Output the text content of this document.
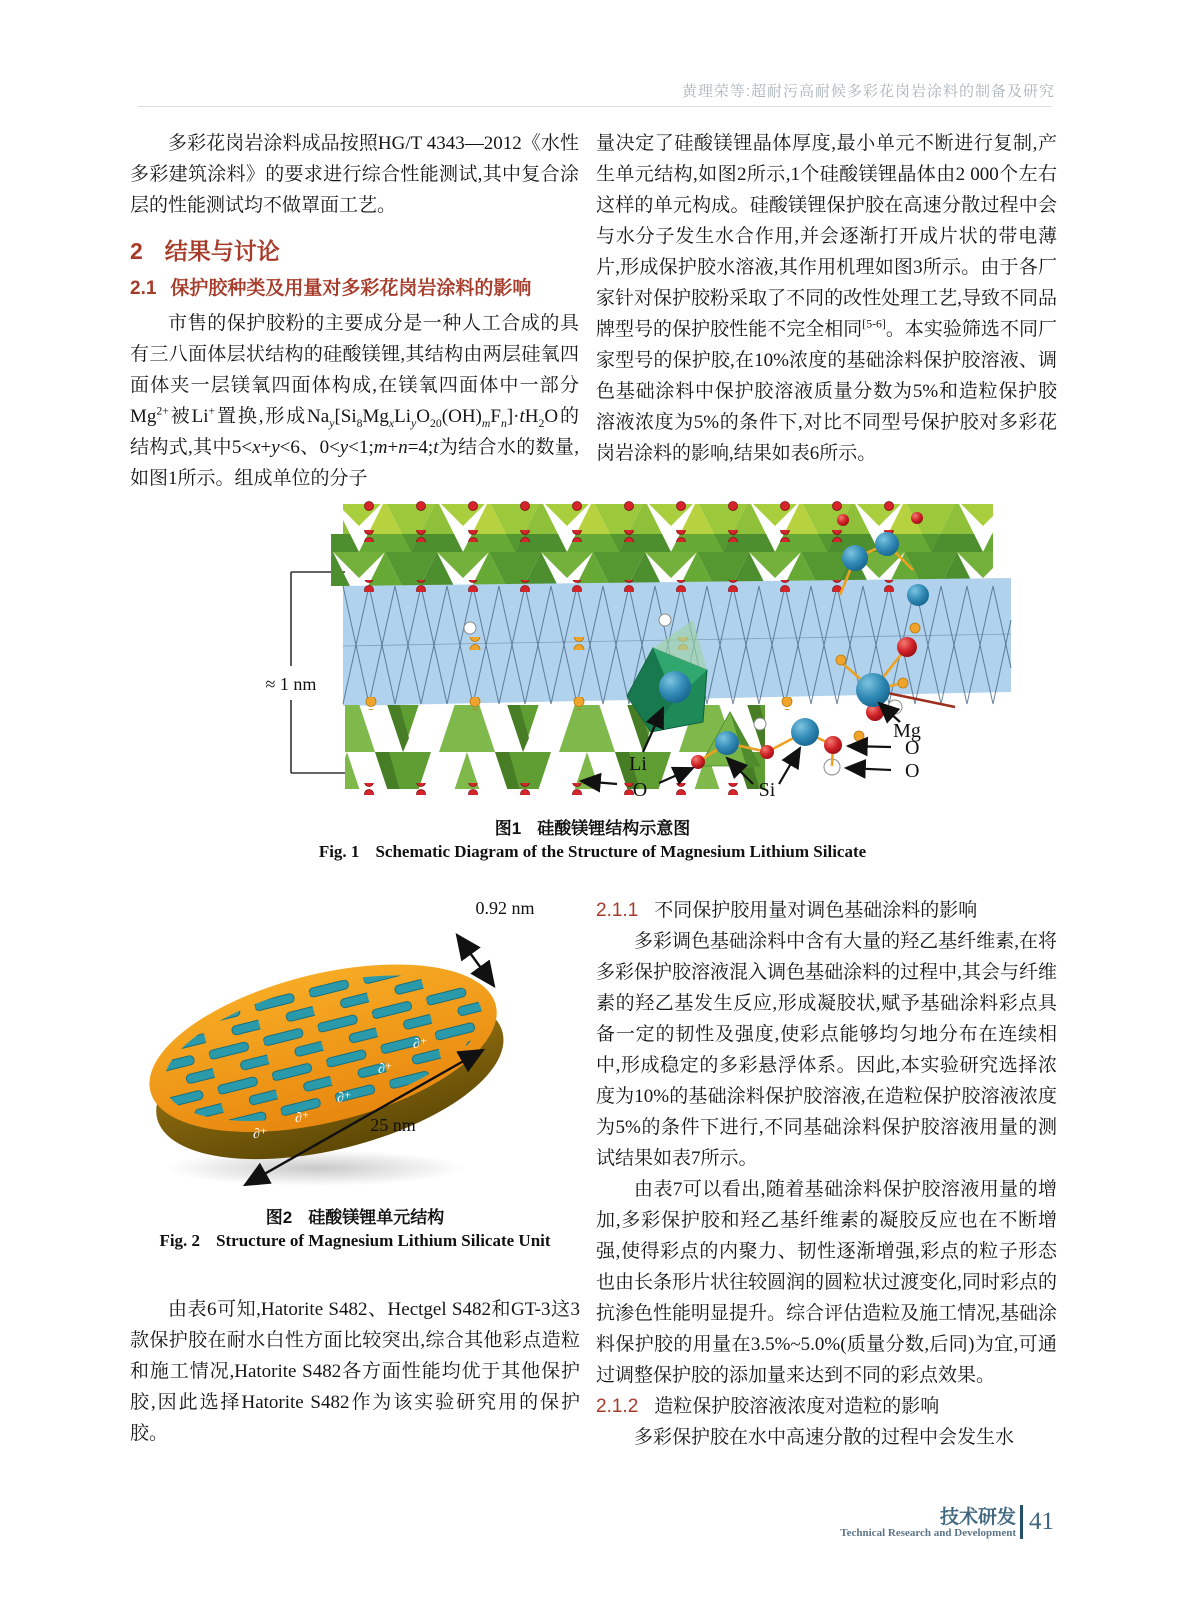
黄理荣等:超耐污高耐候多彩花岗岩涂料的制备及研究

多彩花岗岩涂料成品按照HG/T 4343—2012《水性多彩建筑涂料》的要求进行综合性能测试,其中复合涂层的性能测试均不做罩面工艺。

2 结果与讨论

2.1 保护胶种类及用量对多彩花岗岩涂料的影响

市售的保护胶粉的主要成分是一种人工合成的具有三八面体层状结构的硅酸镁锂,其结构由两层硅氧四面体夹一层镁氧四面体构成,在镁氧四面体中一部分$Mg^{2+}$被Li+置换,形成$Na_y[Si_8Mg_xLi_yO_{20}(OH)_mF_n]\cdot tH_2O$的结构式,其中5<x+y<6、0<y<1;m+n=4;t为结合水的数量,如图1所示。组成单位的分子

量决定了硅酸镁锂晶体厚度,最小单元不断进行复制,产生单元结构,如图2所示,1个硅酸镁锂晶体由2 000个左右这样的单元构成。硅酸镁锂保护胶在高速分散过程中会与水分子发生水合作用,并会逐渐打开成片状的带电薄片,形成保护胶水溶液,其作用机理如图3所示。由于各厂家针对保护胶粉采取了不同的改性处理工艺,导致不同品牌型号的保护胶性能不完全相同[5-6]。本实验筛选不同厂家型号的保护胶,在10%浓度的基础涂料保护胶溶液、调色基础涂料中保护胶溶液质量分数为5%和造粒保护胶溶液浓度为5%的条件下,对比不同型号保护胶对多彩花岗岩涂料的影响,结果如表6所示。

≈ 1 nm
Li
O	Si
Mg
O
O
图1 硅酸镁锂结构示意图
Fig. 1 Schematic Diagram of the Structure of Magnesium Lithium Silicate
∂⁺
∂⁺
∂⁺
∂⁺
∂⁺
0.92 nm
25 nm
图2 硅酸镁锂单元结构
Fig. 2 Structure of Magnesium Lithium Silicate Unit

由表6可知,Hatorite S482、Hectgel S482和GT-3这3款保护胶在耐水白性方面比较突出,综合其他彩点造粒和施工情况,Hatorite S482各方面性能均优于其他保护胶,因此选择Hatorite S482作为该实验研究用的保护胶。

2.1.1 不同保护胶用量对调色基础涂料的影响

多彩调色基础涂料中含有大量的羟乙基纤维素,在将多彩保护胶溶液混入调色基础涂料的过程中,其会与纤维素的羟乙基发生反应,形成凝胶状,赋予基础涂料彩点具备一定的韧性及强度,使彩点能够均匀地分布在连续相中,形成稳定的多彩悬浮体系。因此,本实验研究选择浓度为10%的基础涂料保护胶溶液,在造粒保护胶溶液浓度为5%的条件下进行,不同基础涂料保护胶溶液用量的测试结果如表7所示。

由表7可以看出,随着基础涂料保护胶溶液用量的增加,多彩保护胶和羟乙基纤维素的凝胶反应也在不断增强,使得彩点的内聚力、韧性逐渐增强,彩点的粒子形态也由长条形片状往较圆润的圆粒状过渡变化,同时彩点的抗渗色性能明显提升。综合评估造粒及施工情况,基础涂料保护胶的用量在3.5%~5.0%(质量分数,后同)为宜,可通过调整保护胶的添加量来达到不同的彩点效果。

2.1.2 造粒保护胶溶液浓度对造粒的影响

多彩保护胶在水中高速分散的过程中会发生水

技术研发
Technical Research and Development 41
